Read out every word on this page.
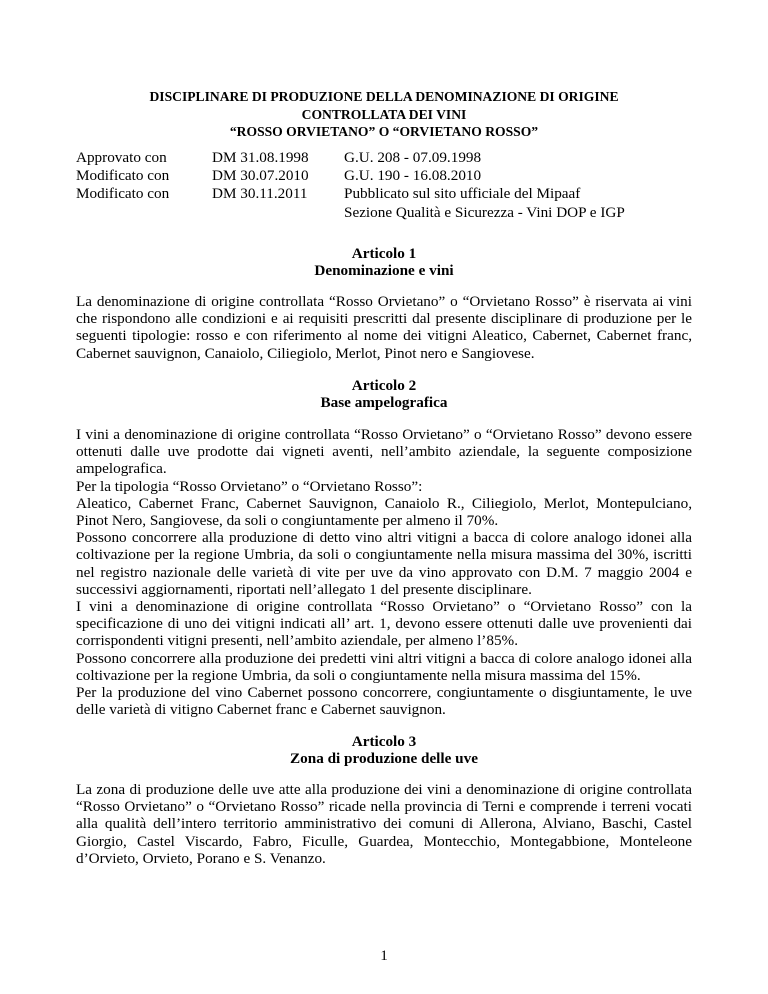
DISCIPLINARE DI PRODUZIONE DELLA DENOMINAZIONE DI ORIGINE
CONTROLLATA DEI VINI
“ROSSO ORVIETANO” O “ORVIETANO ROSSO”
Approvato con	DM 31.08.1998	G.U. 208 - 07.09.1998
Modificato con	DM 30.07.2010	G.U. 190 - 16.08.2010
Modificato con	DM 30.11.2011	Pubblicato sul sito ufficiale del Mipaaf
Sezione Qualità e Sicurezza - Vini DOP e IGP
Articolo 1
Denominazione e vini

La denominazione di origine controllata “Rosso Orvietano” o “Orvietano Rosso” è riservata ai vini che rispondono alle condizioni e ai requisiti prescritti dal presente disciplinare di produzione per le seguenti tipologie: rosso e con riferimento al nome dei vitigni Aleatico, Cabernet, Cabernet franc, Cabernet sauvignon, Canaiolo, Ciliegiolo, Merlot, Pinot nero e Sangiovese.

Articolo 2
Base ampelografica

I vini a denominazione di origine controllata “Rosso Orvietano” o “Orvietano Rosso” devono essere ottenuti dalle uve prodotte dai vigneti aventi, nell’ambito aziendale, la seguente composizione ampelografica.

Per la tipologia “Rosso Orvietano” o “Orvietano Rosso”:

Aleatico, Cabernet Franc, Cabernet Sauvignon, Canaiolo R., Ciliegiolo, Merlot, Montepulciano, Pinot Nero, Sangiovese, da soli o congiuntamente per almeno il 70%.

Possono concorrere alla produzione di detto vino altri vitigni a bacca di colore analogo idonei alla coltivazione per la regione Umbria, da soli o congiuntamente nella misura massima del 30%, iscritti nel registro nazionale delle varietà di vite per uve da vino approvato con D.M. 7 maggio 2004 e successivi aggiornamenti, riportati nell’allegato 1 del presente disciplinare.

I vini a denominazione di origine controllata “Rosso Orvietano” o “Orvietano Rosso” con la specificazione di uno dei vitigni indicati all’ art. 1, devono essere ottenuti dalle uve provenienti dai corrispondenti vitigni presenti, nell’ambito aziendale, per almeno l’85%.

Possono concorrere alla produzione dei predetti vini altri vitigni a bacca di colore analogo idonei alla coltivazione per la regione Umbria, da soli o congiuntamente nella misura massima del 15%.

Per la produzione del vino Cabernet possono concorrere, congiuntamente o disgiuntamente, le uve delle varietà di vitigno Cabernet franc e Cabernet sauvignon.

Articolo 3
Zona di produzione delle uve

La zona di produzione delle uve atte alla produzione dei vini a denominazione di origine controllata “Rosso Orvietano” o “Orvietano Rosso” ricade nella provincia di Terni e comprende i terreni vocati alla qualità dell’intero territorio amministrativo dei comuni di Allerona, Alviano, Baschi, Castel Giorgio, Castel Viscardo, Fabro, Ficulle, Guardea, Montecchio, Montegabbione, Monteleone d’Orvieto, Orvieto, Porano e S. Venanzo.

1
